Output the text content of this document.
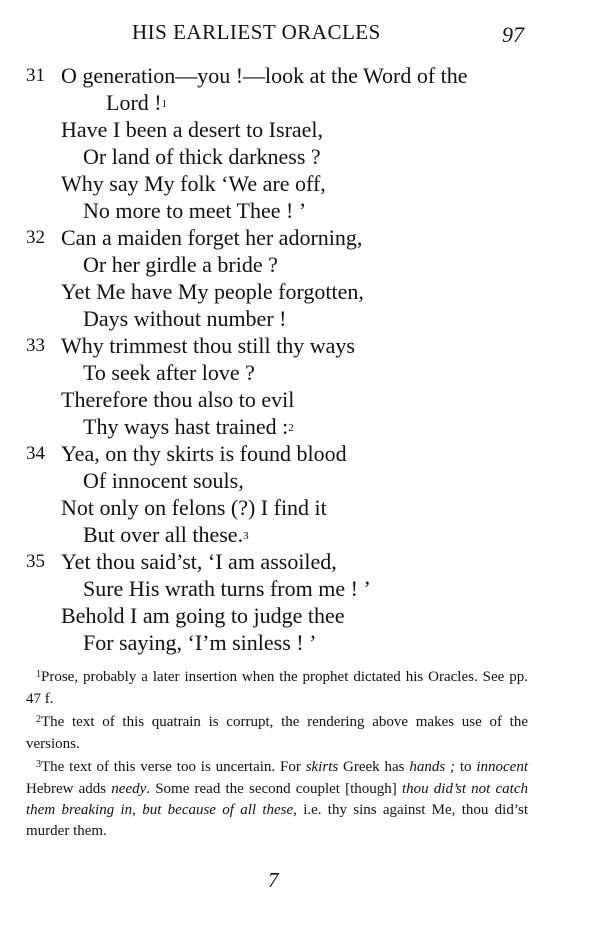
HIS EARLIEST ORACLES	97
31 O generation—you !—look at the Word of the
Lord !$^1$
Have I been a desert to Israel,
Or land of thick darkness ?
Why say My folk ‘We are off,
No more to meet Thee ! ’
32 Can a maiden forget her adorning,
Or her girdle a bride ?
Yet Me have My people forgotten,
Days without number !
33 Why trimmest thou still thy ways
To seek after love ?
Therefore thou also to evil
Thy ways hast trained :$^2$
34 Yea, on thy skirts is found blood
Of innocent souls,
Not only on felons (?) I find it
But over all these.$^3$
35 Yet thou said’st, ‘I am assoiled,
Sure His wrath turns from me ! ’
Behold I am going to judge thee
For saying, ‘I’m sinless ! ’

$^1$Prose, probably a later insertion when the prophet dictated his Oracles. See pp. 47 f.

$^2$The text of this quatrain is corrupt, the rendering above makes use of the versions.

$^3$The text of this verse too is uncertain. For skirts Greek has hands ; to innocent Hebrew adds needy. Some read the second couplet [though] thou did’st not catch them breaking in, but because of all these, i.e. thy sins against Me, thou did’st murder them.

7
